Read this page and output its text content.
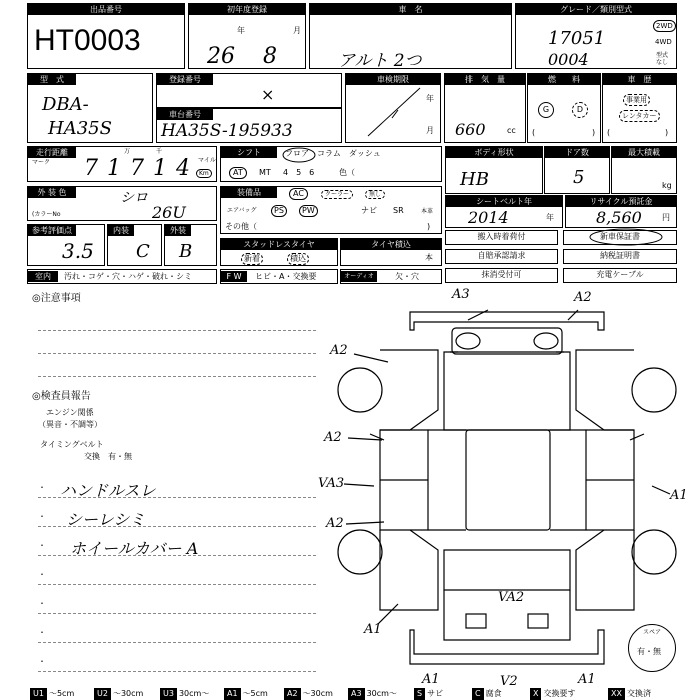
出品番号
HT0003
初年度登録
年	月
26 8
車　名
アルト 2つ
グレード／類別型式
17051
0004
2WD
4WD
型式なし
型　式
DBA-
HA35S
登録番号
×
車台番号
HA35S-195933
車検期限
年
月
排　気　量
660	cc
燃　　料
G	D
(	)
車　歴
事業用
レンタカー
(	)
走行距離
マーク
万	千
71714 マイル
Km
シフト	フロア　コラム　ダッシュ
AT	MT 4　5　6	色（
ボディ形状
HB
ドア数
5
最大積載
kg
外 装 色
(カラーNo
シロ
26U
装備品	AC	クーラー	無し
エアバッグ	PS	PW	ナビ SR	本革
その他（	)
シートベルト年
2014	年
リサイクル預託金
8,560	円
参考評価点
3.5
内装
C
外装
B	スタッドレスタイヤ
新着	積込
タイヤ積込
本
搬入時着荷付	新車保証書
自賠承認請求	納税証明書
抹消受付可	充電ケーブル
室内	汚れ・コゲ・穴・ハゲ・破れ・シミ	F W	ヒビ・A・交換要	オーディオ	欠・穴
◎注意事項
◎検査員報告
エンジン関係
（異音・不調等）
タイミングベルト
交換　有・無
・
・
・
・
・
・
・
ハンドルスレ
シーレシミ
ホイールカバー A
A3	A2
A2
A2
VA3
A2
A1
A1
VA2
A1	V2	A1
スペア
有・無
U1 〜5cm	U2 〜30cm	U3 30cm〜	A1 〜5cm	A2 〜30cm	A3 30cm〜	S サビ	C 腐食	X 交換要す	XX 交換済
